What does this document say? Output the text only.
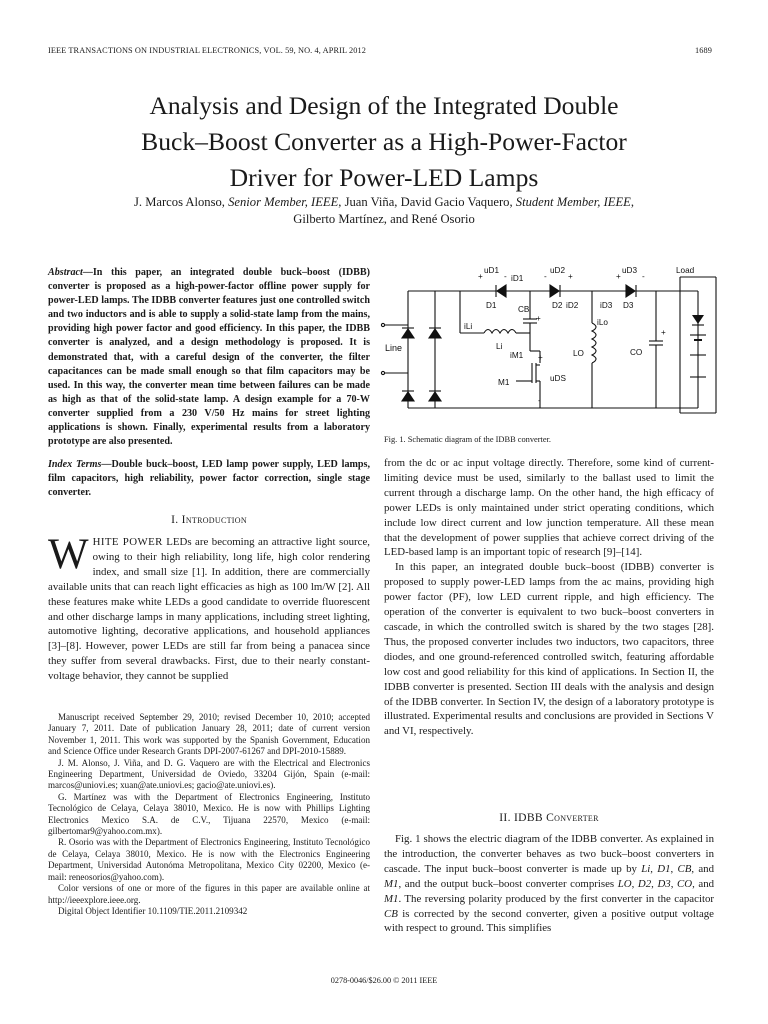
IEEE TRANSACTIONS ON INDUSTRIAL ELECTRONICS, VOL. 59, NO. 4, APRIL 2012	1689
Analysis and Design of the Integrated Double
Buck–Boost Converter as a High-Power-Factor
Driver for Power-LED Lamps
J. Marcos Alonso, Senior Member, IEEE, Juan Viña, David Gacio Vaquero, Student Member, IEEE,
Gilberto Martínez, and René Osorio
Abstract—In this paper, an integrated double buck–boost (IDBB) converter is proposed as a high-power-factor offline power supply for power-LED lamps. The IDBB converter features just one controlled switch and two inductors and is able to supply a solid-state lamp from the mains, providing high power factor and good efficiency. In this paper, the IDBB converter is analyzed, and a design methodology is proposed. It is demonstrated that, with a careful design of the converter, the filter capacitances can be made small enough so that film capacitors may be used. In this way, the converter mean time between failures can be made as high as that of the solid-state lamp. A design example for a 70-W converter supplied from a 230 V/50 Hz mains for street lighting applications is shown. Finally, experimental results from a laboratory prototype are also presented.
Index Terms—Double buck–boost, LED lamp power supply, LED lamps, film capacitors, high reliability, power factor correction, single stage converter.
I. Introduction
WHITE POWER LEDs are becoming an attractive light source, owing to their high reliability, long life, high color rendering index, and small size [1]. In addition, there are commercially available units that can reach light efficacies as high as 100 lm/W [2]. All these features make white LEDs a good candidate to override fluorescent and other discharge lamps in many applications, including street lighting, automotive lighting, decorative applications, and household appliances [3]–[8]. However, power LEDs are still far from being a panacea since they suffer from several drawbacks. First, due to their nearly constant-voltage behavior, they cannot be supplied

Manuscript received September 29, 2010; revised December 10, 2010; accepted January 7, 2011. Date of publication January 28, 2011; date of current version November 1, 2011. This work was supported by the Spanish Government, Education and Science Office under Research Grants DPI-2007-61267 and DPI-2010-15889.

J. M. Alonso, J. Viña, and D. G. Vaquero are with the Electrical and Electronics Engineering Department, Universidad de Oviedo, 33204 Gijón, Spain (e-mail: marcos@uniovi.es; xuan@ate.uniovi.es; gacio@ate.uniovi.es).

G. Martínez was with the Department of Electronics Engineering, Instituto Tecnológico de Celaya, Celaya 38010, Mexico. He is now with Phillips Lighting Electronics Mexico S.A. de C.V., Tijuana 22570, Mexico (e-mail: gilbertomar9@yahoo.com.mx).

R. Osorio was with the Department of Electronics Engineering, Instituto Tecnológico de Celaya, Celaya 38010, Mexico. He is now with the Electronics Engineering Department, Universidad Autonóma Metropolitana, Mexico City 02200, Mexico (e-mail: reneosorios@yahoo.com).

Color versions of one or more of the figures in this paper are available online at http://ieeexplore.ieee.org.

Digital Object Identifier 10.1109/TIE.2011.2109342

Load
Line
uD1
iD1
D1	CB
uD2
D2 iD2
uD3
iD3 D3
iLi
Li
iLo
LO	CO
iM1
uDS
M1
+
+
-
+
+	-	-	+	+	-
Fig. 1. Schematic diagram of the IDBB converter.

from the dc or ac input voltage directly. Therefore, some kind of current-limiting device must be used, similarly to the ballast used to limit the current through a discharge lamp. On the other hand, the high efficacy of power LEDs is only maintained under strict operating conditions, which include low direct current and low junction temperature. All these mean that the development of power supplies that achieve correct driving of the LED-based lamp is an important topic of research [9]–[14].

In this paper, an integrated double buck–boost (IDBB) converter is proposed to supply power-LED lamps from the ac mains, providing high power factor (PF), low LED current ripple, and high efficiency. The operation of the converter is equivalent to two buck–boost converters in cascade, in which the controlled switch is shared by the two stages [28]. Thus, the proposed converter includes two inductors, two capacitors, three diodes, and one ground-referenced controlled switch, featuring affordable low cost and good reliability for this kind of applications. In Section II, the IDBB converter is presented. Section III deals with the analysis and design of the IDBB converter. In Section IV, the design of a laboratory prototype is illustrated. Experimental results and conclusions are provided in Sections V and VI, respectively.

II. IDBB Converter

Fig. 1 shows the electric diagram of the IDBB converter. As explained in the introduction, the converter behaves as two buck–boost converters in cascade. The input buck–boost converter is made up by Li, D1, CB, and M1, and the output buck–boost converter comprises LO, D2, D3, CO, and M1. The reversing polarity produced by the first converter in the capacitor CB is corrected by the second converter, given a positive output voltage with respect to ground. This simplifies

0278-0046/$26.00 © 2011 IEEE
